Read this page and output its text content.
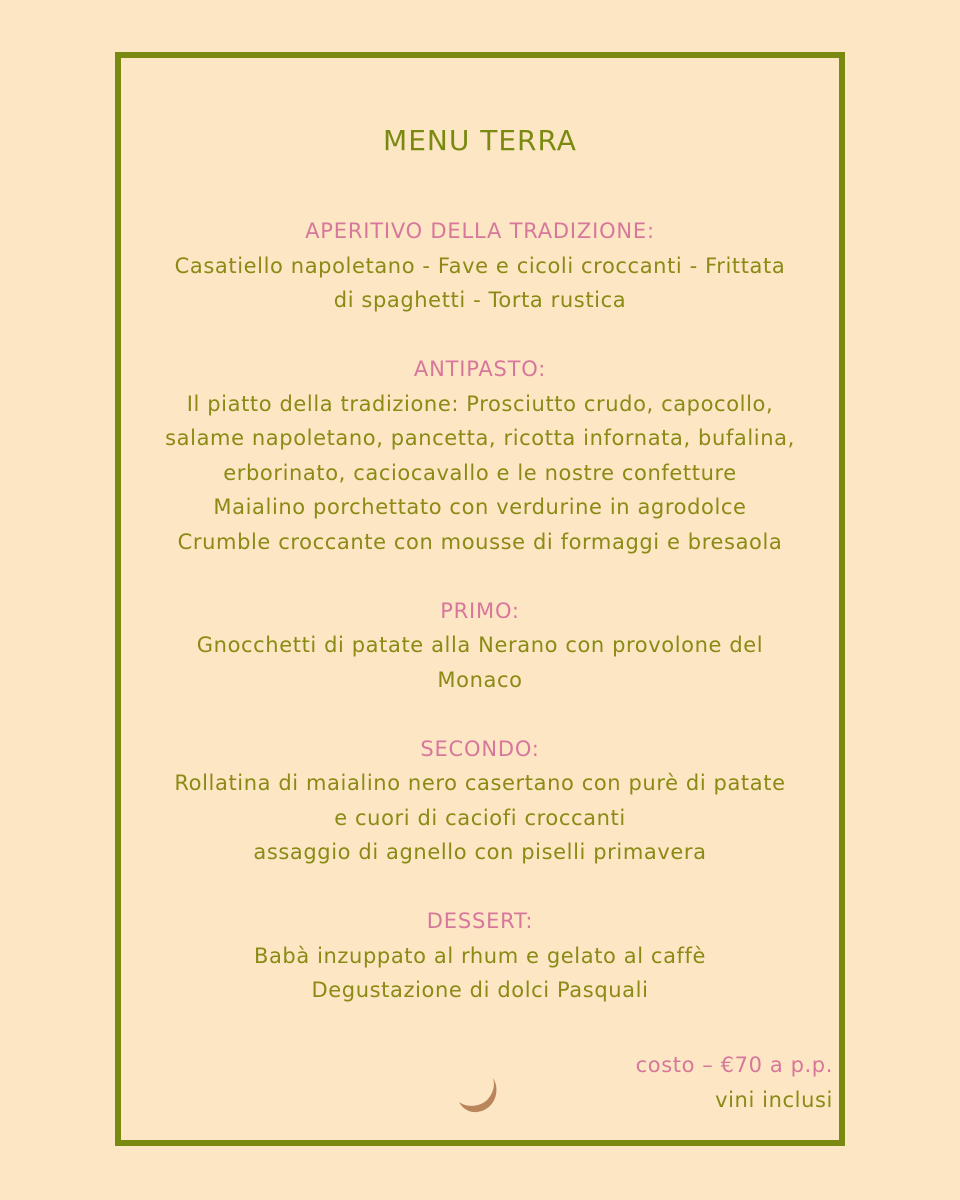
MENU TERRA
APERITIVO DELLA TRADIZIONE:
Casatiello napoletano - Fave e cicoli croccanti - Frittata
di spaghetti - Torta rustica
ANTIPASTO:
Il piatto della tradizione: Prosciutto crudo, capocollo,
salame napoletano, pancetta, ricotta infornata, bufalina,
erborinato, caciocavallo e le nostre confetture
Maialino porchettato con verdurine in agrodolce
Crumble croccante con mousse di formaggi e bresaola
PRIMO:
Gnocchetti di patate alla Nerano con provolone del
Monaco
SECONDO:
Rollatina di maialino nero casertano con purè di patate
e cuori di caciofi croccanti
assaggio di agnello con piselli primavera
DESSERT:
Babà inzuppato al rhum e gelato al caffè
Degustazione di dolci Pasquali
costo – €70 a p.p.
vini inclusi
